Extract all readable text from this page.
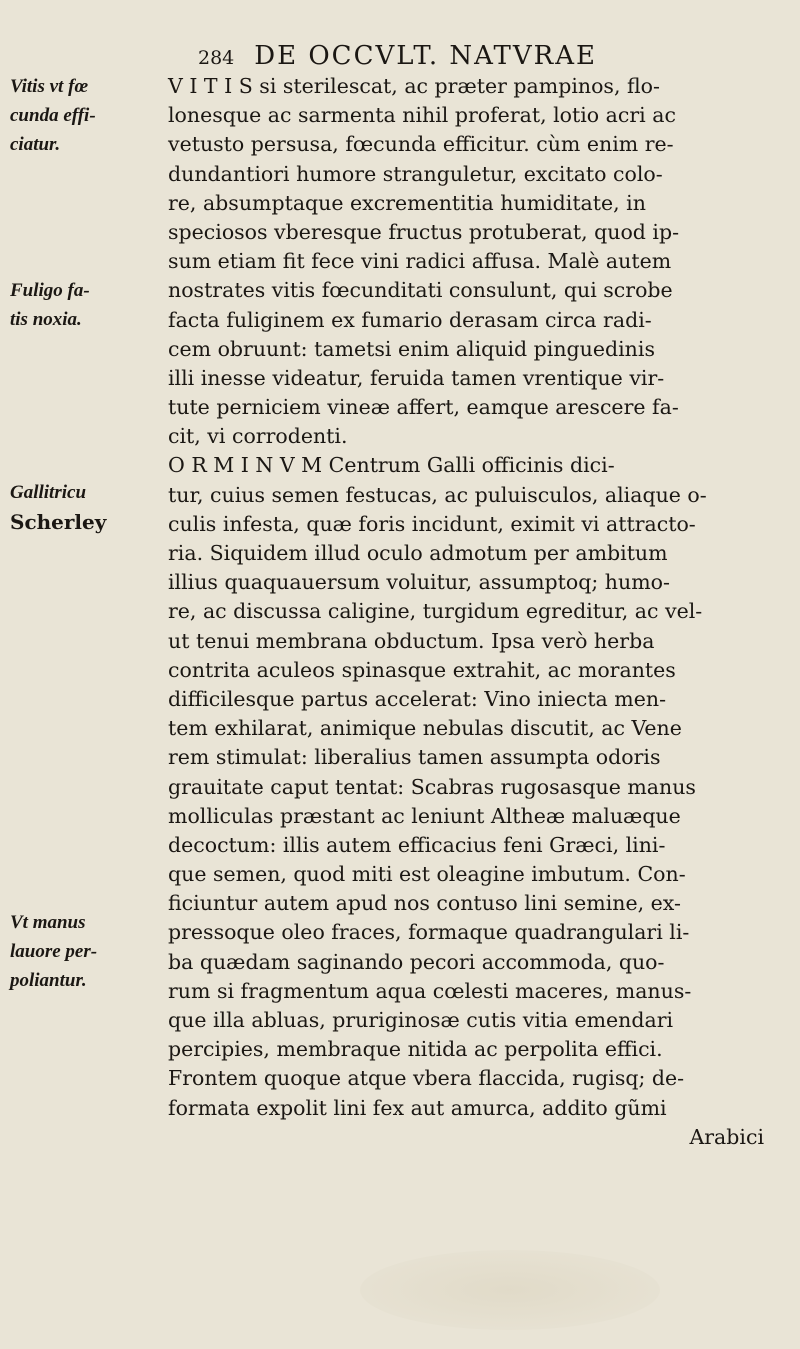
284 DE OCCVLT. NATVRAE
Vitis vt fœ
cunda effi-
ciatur.
Fuligo fa-
tis noxia.
Gallitricu
Scherley
Vt manus
lauore per-
poliantur.
V I T I S si sterilescat, ac præter pampinos, flo-
lonesque ac sarmenta nihil proferat, lotio acri ac
vetusto persusa, fœcunda efficitur. cùm enim re-
dundantiori humore stranguletur, excitato colo-
re, absumptaque excrementitia humiditate, in
speciosos vberesque fructus protuberat, quod ip-
sum etiam fit fece vini radici affusa. Malè autem
nostrates vitis fœcunditati consulunt, qui scrobe
facta fuliginem ex fumario derasam circa radi-
cem obruunt: tametsi enim aliquid pinguedinis
illi inesse videatur, feruida tamen vrentique vir-
tute perniciem vineæ affert, eamque arescere fa-
cit, vi corrodenti.
O R M I N V M Centrum Galli officinis dici-
tur, cuius semen festucas, ac puluisculos, aliaque o-
culis infesta, quæ foris incidunt, eximit vi attracto-
ria. Siquidem illud oculo admotum per ambitum
illius quaquauersum voluitur, assumptoq; humo-
re, ac discussa caligine, turgidum egreditur, ac vel-
ut tenui membrana obductum. Ipsa verò herba
contrita aculeos spinasque extrahit, ac morantes
difficilesque partus accelerat: Vino iniecta men-
tem exhilarat, animique nebulas discutit, ac Vene
rem stimulat: liberalius tamen assumpta odoris
grauitate caput tentat: Scabras rugosasque manus
molliculas præstant ac leniunt Altheæ maluæque
decoctum: illis autem efficacius feni Græci, lini-
que semen, quod miti est oleagine imbutum. Con-
ficiuntur autem apud nos contuso lini semine, ex-
pressoque oleo fraces, formaque quadrangulari li-
ba quædam saginando pecori accommoda, quo-
rum si fragmentum aqua cœlesti maceres, manus-
que illa abluas, pruriginosæ cutis vitia emendari
percipies, membraque nitida ac perpolita effici.
Frontem quoque atque vbera flaccida, rugisq; de-
formata expolit lini fex aut amurca, addito gũmi
Arabici
